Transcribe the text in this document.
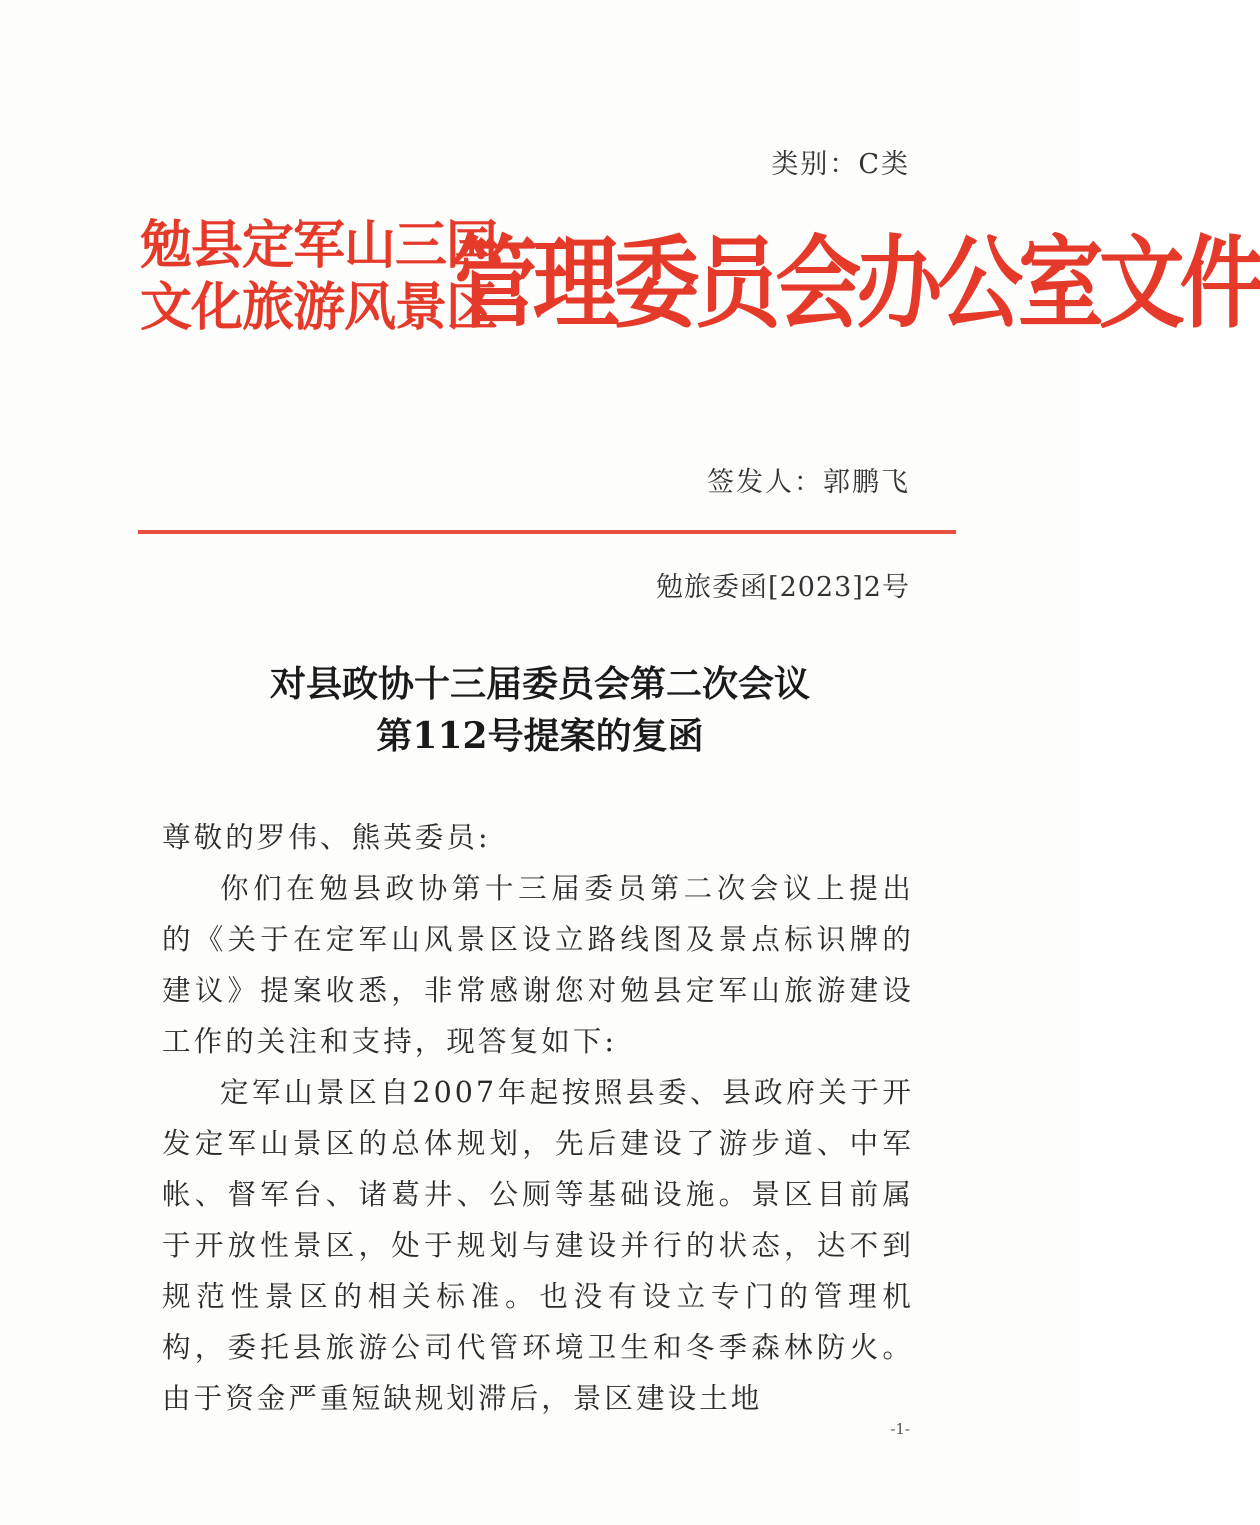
类别：C类
勉县定军山三国
文化旅游风景区
管理委员会办公室文件
签发人：郭鹏飞
勉旅委函[2023]2号
对县政协十三届委员会第二次会议
第112号提案的复函

尊敬的罗伟、熊英委员:

你们在勉县政协第十三届委员第二次会议上提出的《关于在定军山风景区设立路线图及景点标识牌的建议》提案收悉，非常感谢您对勉县定军山旅游建设工作的关注和支持，现答复如下:

定军山景区自2007年起按照县委、县政府关于开发定军山景区的总体规划，先后建设了游步道、中军帐、督军台、诸葛井、公厕等基础设施。景区目前属于开放性景区，处于规划与建设并行的状态，达不到规范性景区的相关标准。也没有设立专门的管理机构，委托县旅游公司代管环境卫生和冬季森林防火。由于资金严重短缺规划滞后，景区建设土地

-1-
